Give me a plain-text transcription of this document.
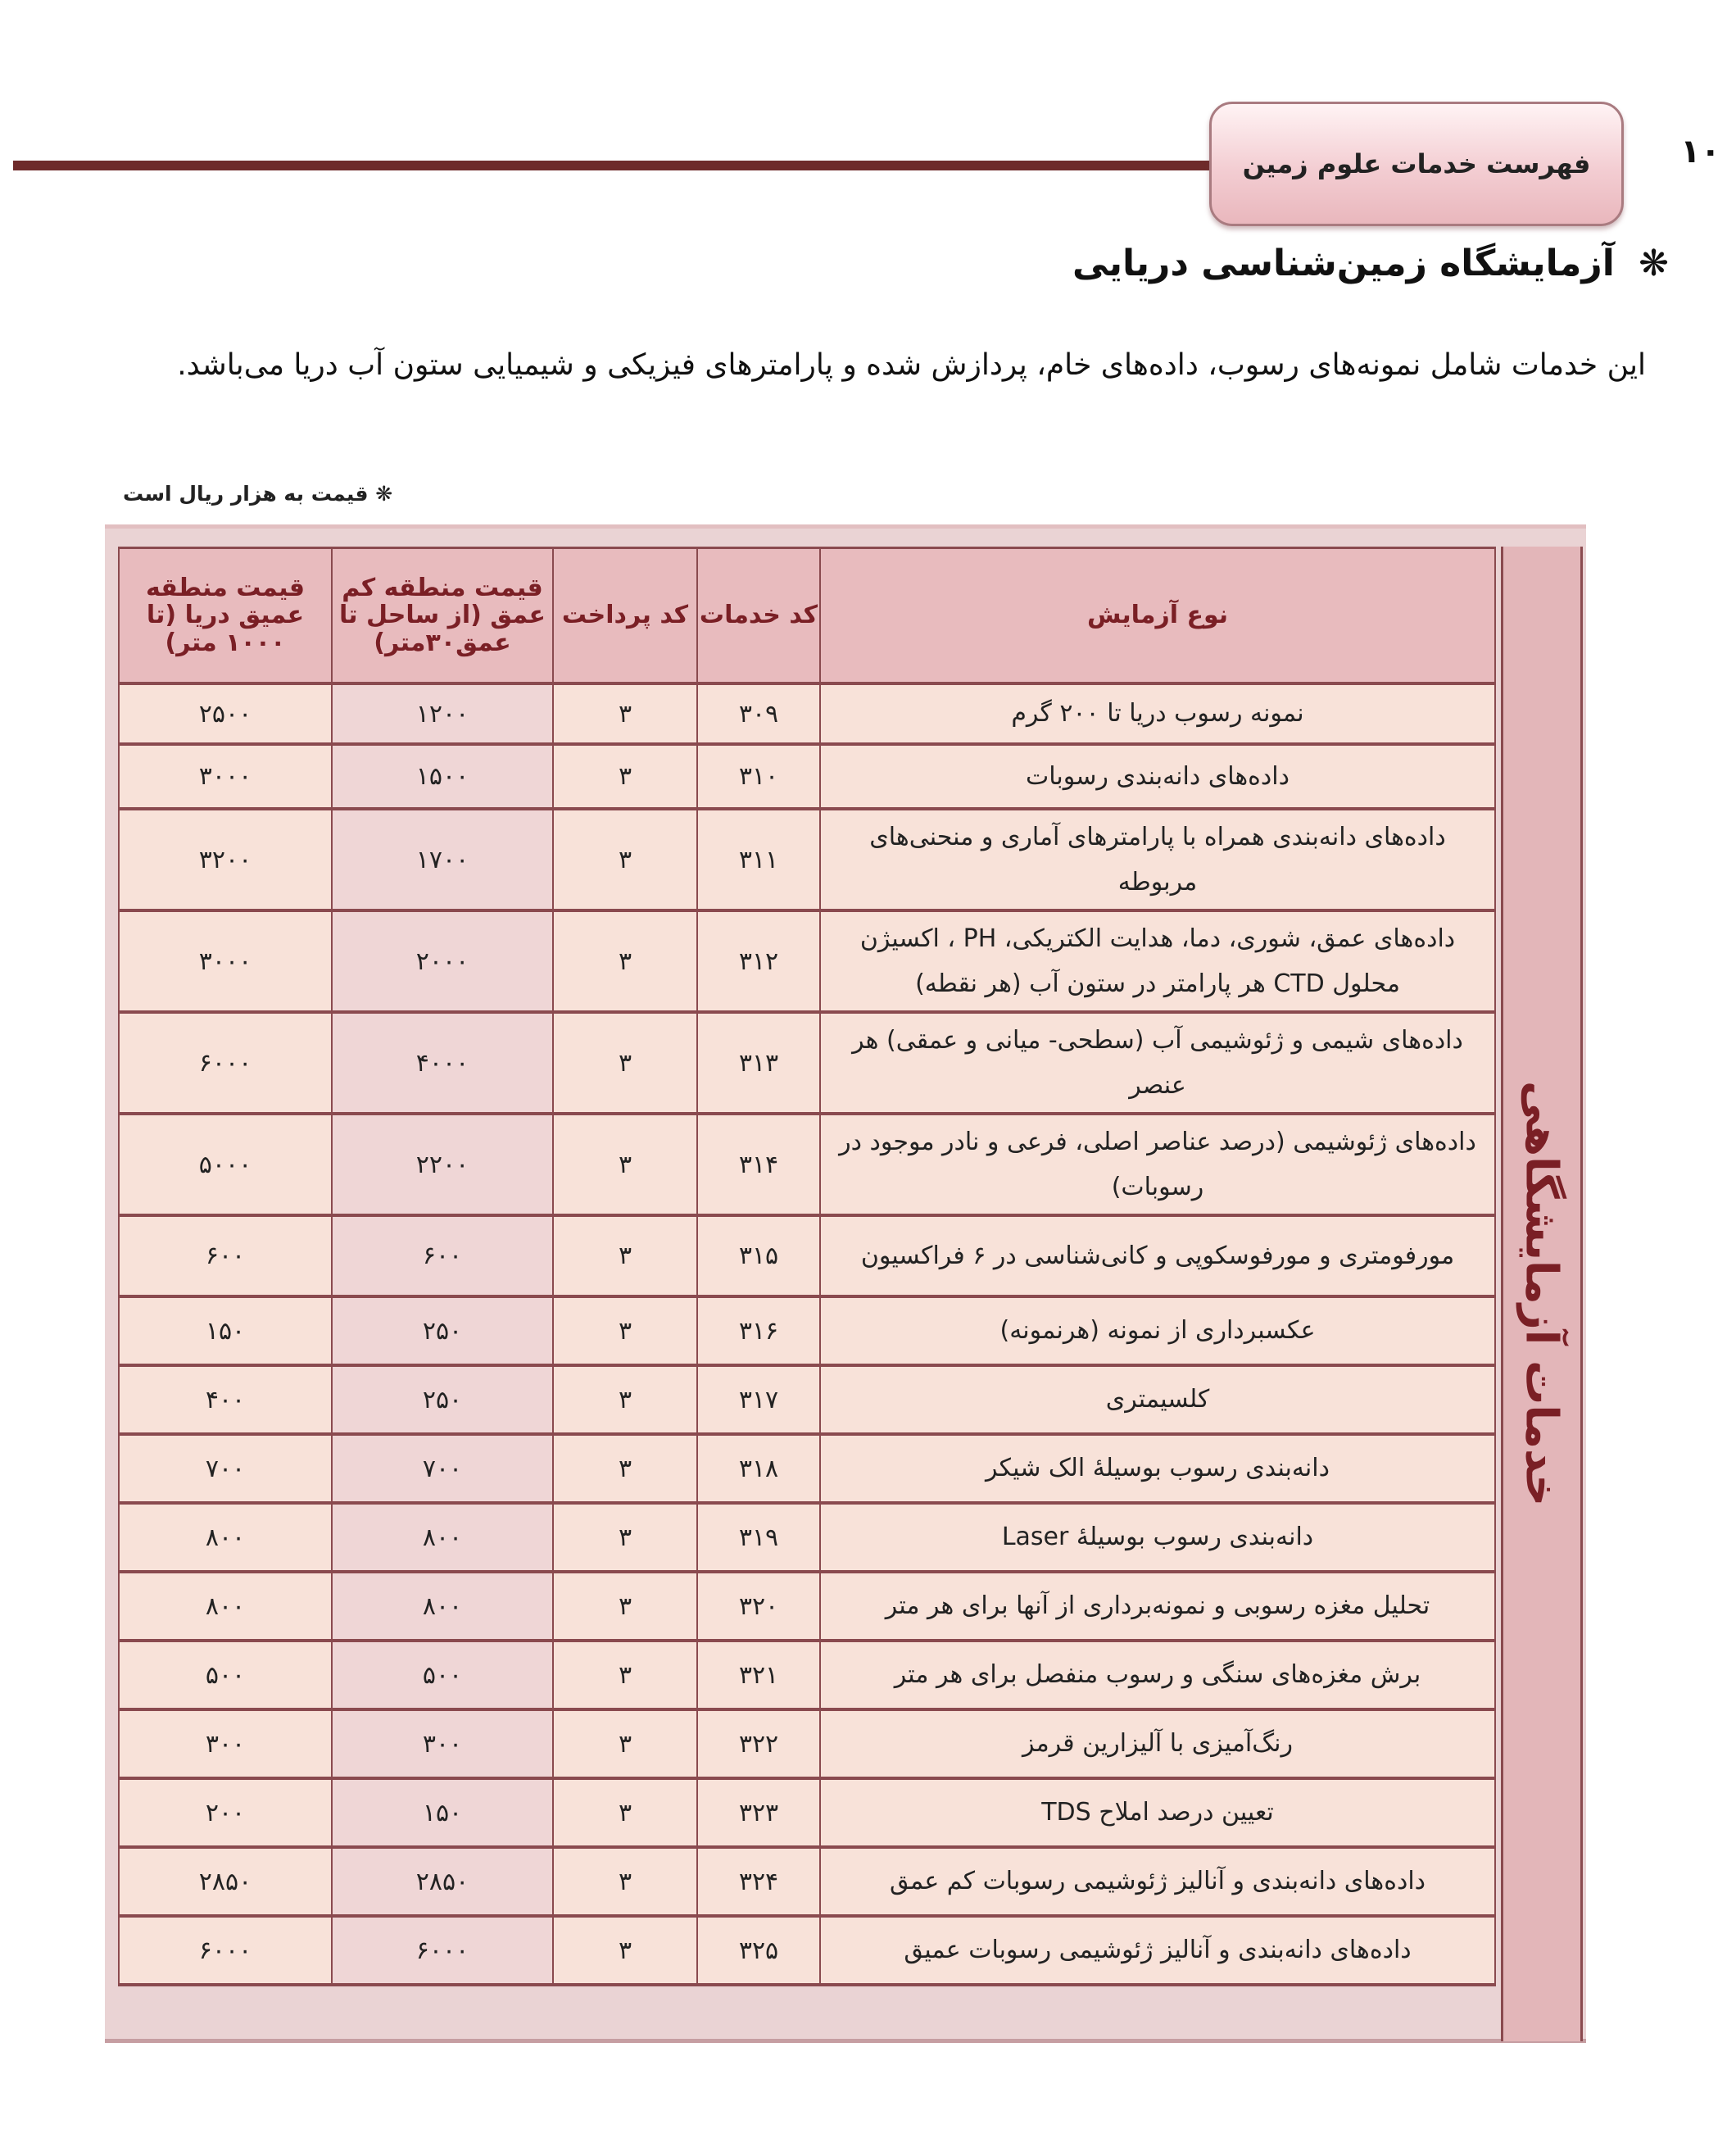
فهرست خدمات علوم زمین	۱۰
❋ آزمایشگاه زمین‌شناسی دریایی
این خدمات شامل نمونه‌های رسوب، داده‌های خام، پردازش شده و پارامترهای فیزیکی و شیمیایی ستون آب دریا می‌باشد.
❋ قیمت به هزار ریال است
قیمت منطقه عمیق دریا (تا ۱۰۰۰ متر)	قیمت منطقه کم عمق (از ساحل تا عمق۳۰متر)	کد پرداخت	کد خدمات	نوع آزمایش
۲۵۰۰	۱۲۰۰	۳	۳۰۹	نمونه رسوب دریا تا ۲۰۰ گرم
۳۰۰۰	۱۵۰۰	۳	۳۱۰	داده‌های دانه‌بندی رسوبات
۳۲۰۰	۱۷۰۰	۳	۳۱۱	داده‌های دانه‌بندی همراه با پارامترهای آماری و منحنی‌های مربوطه
۳۰۰۰	۲۰۰۰	۳	۳۱۲	داده‌های عمق، شوری، دما، هدایت الکتریکی، PH ، اکسیژن محلول CTD هر پارامتر در ستون آب (هر نقطه)
۶۰۰۰	۴۰۰۰	۳	۳۱۳	داده‌های شیمی و ژئوشیمی آب (سطحی- میانی و عمقی) هر عنصر
۵۰۰۰	۲۲۰۰	۳	۳۱۴	داده‌های ژئوشیمی (درصد عناصر اصلی، فرعی و نادر موجود در رسوبات)
۶۰۰	۶۰۰	۳	۳۱۵	مورفومتری و مورفوسکوپی و کانی‌شناسی در ۶ فراکسیون
۱۵۰	۲۵۰	۳	۳۱۶	عکسبرداری از نمونه (هرنمونه)
۴۰۰	۲۵۰	۳	۳۱۷	کلسیمتری
۷۰۰	۷۰۰	۳	۳۱۸	دانه‌بندی رسوب بوسیلهٔ الک شیکر
۸۰۰	۸۰۰	۳	۳۱۹	دانه‌بندی رسوب بوسیلهٔ Laser
۸۰۰	۸۰۰	۳	۳۲۰	تحلیل مغزه رسوبی و نمونه‌برداری از آنها برای هر متر
۵۰۰	۵۰۰	۳	۳۲۱	برش مغزه‌های سنگی و رسوب منفصل برای هر متر
۳۰۰	۳۰۰	۳	۳۲۲	رنگ‌آمیزی با آلیزارین قرمز
۲۰۰	۱۵۰	۳	۳۲۳	تعیین درصد املاح TDS
۲۸۵۰	۲۸۵۰	۳	۳۲۴	داده‌های دانه‌بندی و آنالیز ژئوشیمی رسوبات کم عمق
۶۰۰۰	۶۰۰۰	۳	۳۲۵	داده‌های دانه‌بندی و آنالیز ژئوشیمی رسوبات عمیق
خدمات آزمایشگاهی
